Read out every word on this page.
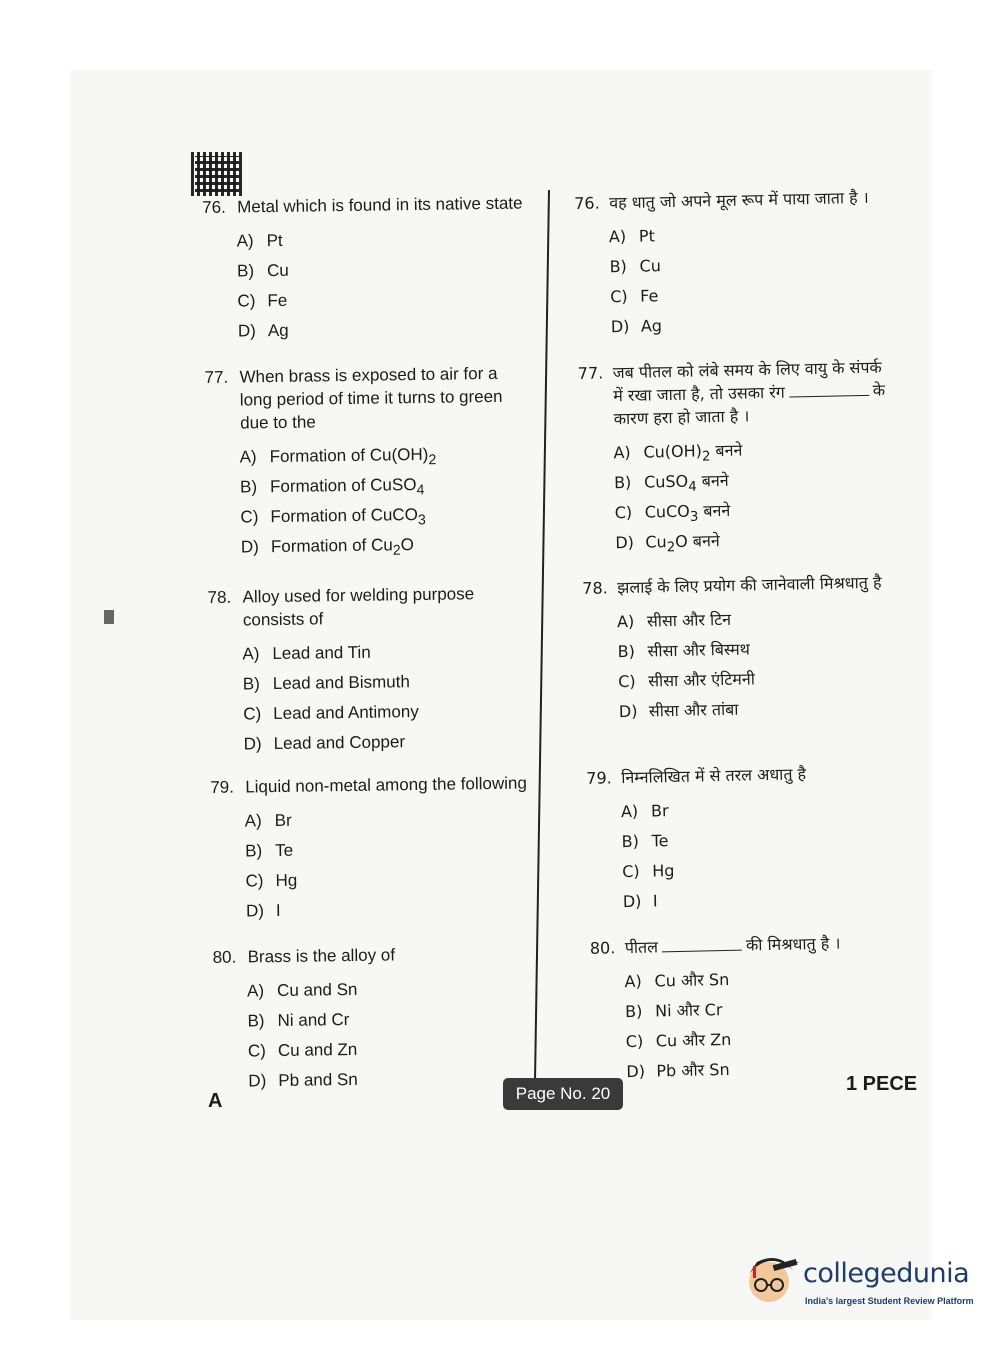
76. Metal which is found in its native state
A) Pt
B) Cu
C) Fe
D) Ag
77. When brass is exposed to air for a
long period of time it turns to green
due to the
A) Formation of $Cu(OH)_2$
B) Formation of CuSO$_4$
C) Formation of CuCO$_3$
D) Formation of $Cu_2O$
78. Alloy used for welding purpose
consists of
A) Lead and Tin
B) Lead and Bismuth
C) Lead and Antimony
D) Lead and Copper
79. Liquid non-metal among the following
A) Br
B) Te
C) Hg
D) I
80. Brass is the alloy of
A) Cu and Sn
B) Ni and Cr
C) Cu and Zn
D) Pb and Sn
76. वह धातु जो अपने मूल रूप में पाया जाता है ।
A) Pt
B) Cu
C) Fe
D) Ag
77. जब पीतल को लंबे समय के लिए वायु के संपर्क
में रखा जाता है, तो उसका रंग	के
कारण हरा हो जाता है ।
A) $Cu(OH)_2$ बनने
B) CuSO$_4$ बनने
C) CuCO$_3$ बनने
D) $Cu_2O$ बनने
78. झलाई के लिए प्रयोग की जानेवाली मिश्रधातु है
A) सीसा और टिन
B) सीसा और बिस्मथ
C) सीसा और एंटिमनी
D) सीसा और तांबा
79. निम्नलिखित में से तरल अधातु है
A) Br
B) Te
C) Hg
D) I
80. पीतल	की मिश्रधातु है ।
A) Cu और Sn
B) Ni और Cr
C) Cu और Zn
D) Pb और Sn
A	Page No. 20	1 PECE
collegedunia
India's largest Student Review Platform
